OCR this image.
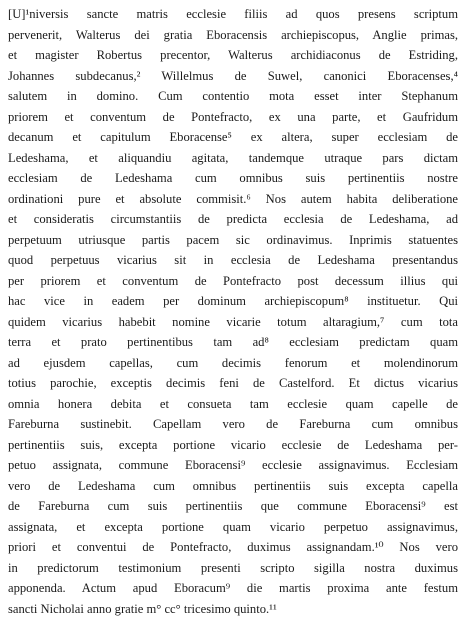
[U]¹niversis sancte matris ecclesie filiis ad quos presens scriptum
pervenerit, Walterus dei gratia Eboracensis archiepiscopus, Anglie primas,
et magister Robertus precentor, Walterus archidiaconus de Estriding,
Johannes subdecanus,² Willelmus de Suwel, canonici Eboracenses,⁴
salutem in domino. Cum contentio mota esset inter Stephanum
priorem et conventum de Pontefracto, ex una parte, et Gaufridum
decanum et capitulum Eboracense⁵ ex altera, super ecclesiam de
Ledeshama, et aliquandiu agitata, tandemque utraque pars dictam
ecclesiam de Ledeshama cum omnibus suis pertinentiis nostre
ordinationi pure et absolute commisit.⁶ Nos autem habita deliberatione
et consideratis circumstantiis de predicta ecclesia de Ledeshama, ad
perpetuum utriusque partis pacem sic ordinavimus. Inprimis statuentes
quod perpetuus vicarius sit in ecclesia de Ledeshama presentandus
per priorem et conventum de Pontefracto post decessum illius qui
hac vice in eadem per dominum archiepiscopum⁸ instituetur. Qui
quidem vicarius habebit nomine vicarie totum altaragium,⁷ cum tota
terra et prato pertinentibus tam ad⁸ ecclesiam predictam quam
ad ejusdem capellas, cum decimis fenorum et molendinorum
totius parochie, exceptis decimis feni de Castelford. Et dictus vicarius
omnia honera debita et consueta tam ecclesie quam capelle de
Fareburna sustinebit. Capellam vero de Fareburna cum omnibus
pertinentiis suis, excepta portione vicario ecclesie de Ledeshama per-
petuo assignata, commune Eboracensi⁹ ecclesie assignavimus. Ecclesiam
vero de Ledeshama cum omnibus pertinentiis suis excepta capella
de Fareburna cum suis pertinentiis que commune Eboracensi⁹ est
assignata, et excepta portione quam vicario perpetuo assignavimus,
priori et conventui de Pontefracto, duximus assignandam.¹⁰ Nos vero
in predictorum testimonium presenti scripto sigilla nostra duximus
apponenda. Actum apud Eboracum⁹ die martis proxima ante festum
sancti Nicholai anno gratie m° cc° tricesimo quinto.¹¹
